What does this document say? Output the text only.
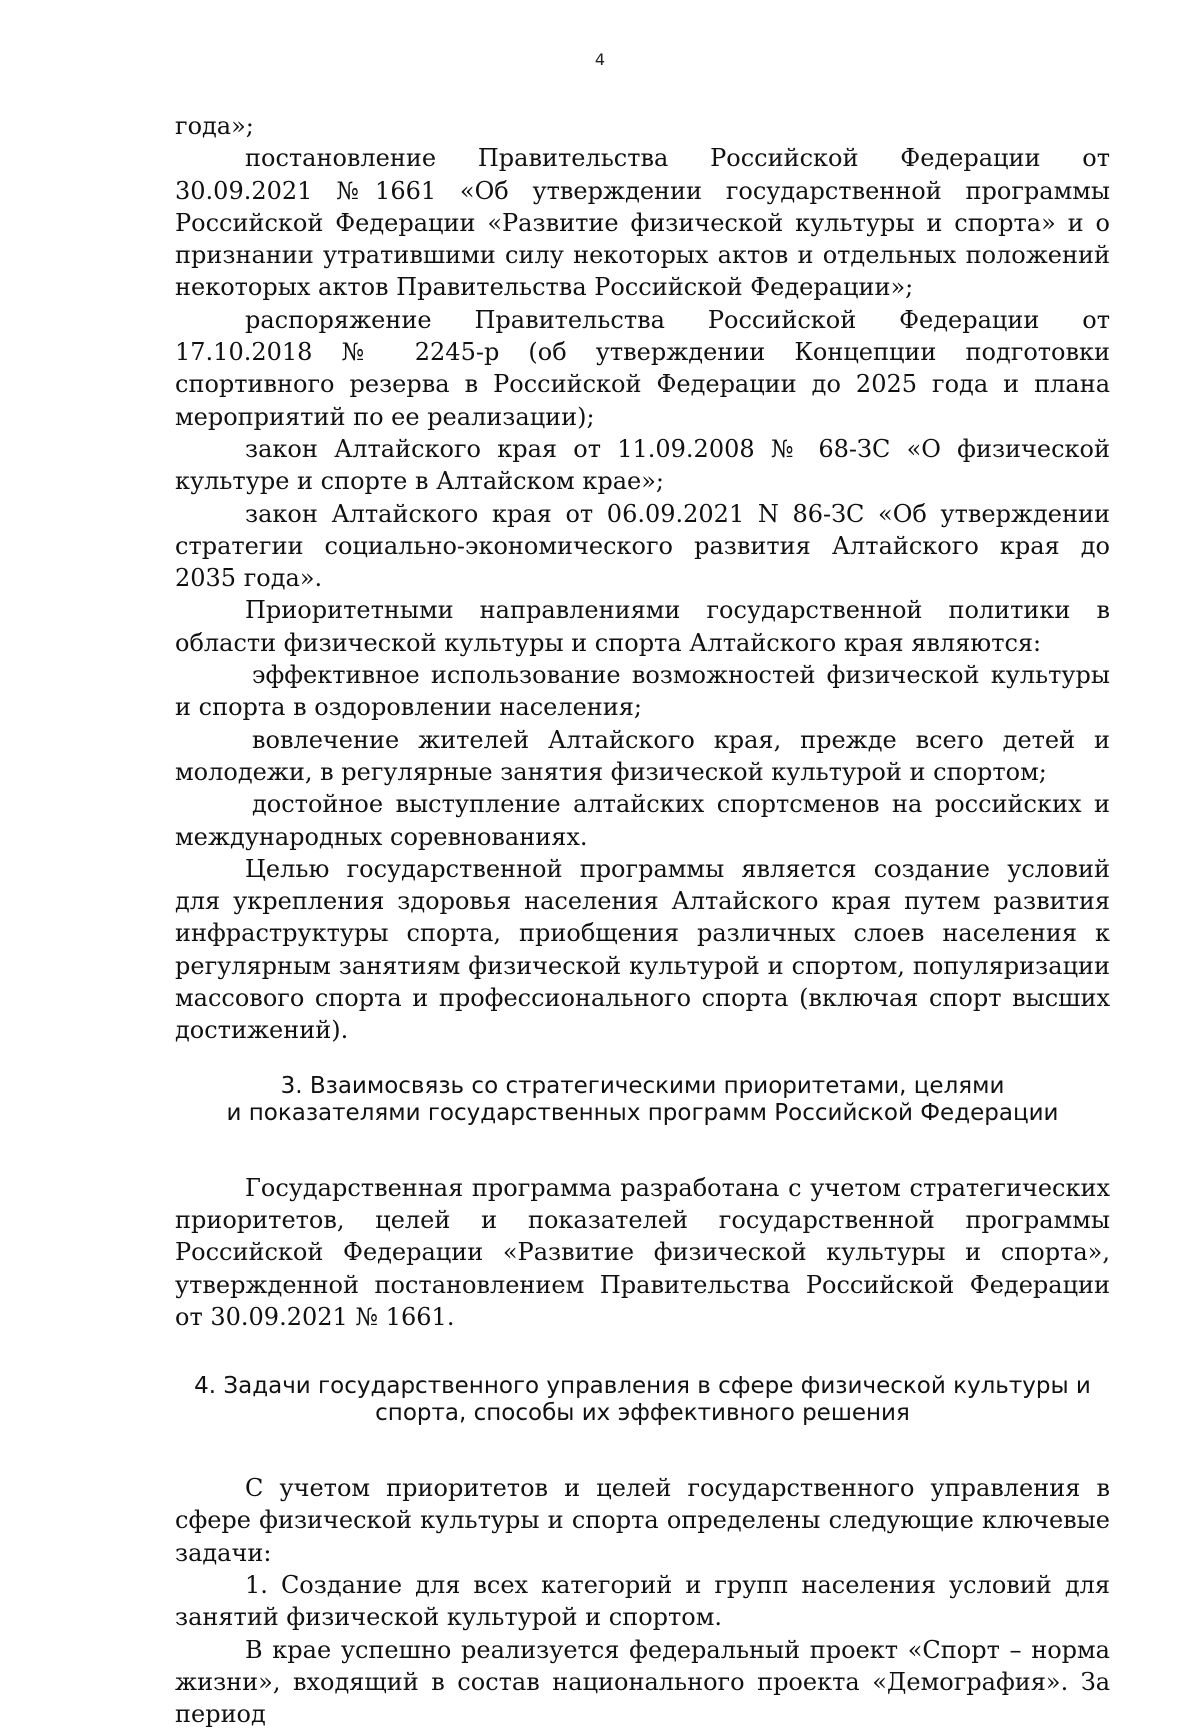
4

года»;

постановление Правительства Российской Федерации от 30.09.2021 №1661 «Об утверждении государственной программы Российской Федерации «Развитие физической культуры и спорта» и о признании утратившими силу некоторых актов и отдельных положений некоторых актов Правительства Российской Федерации»;

распоряжение Правительства Российской Федерации от 17.10.2018 № 2245-р (об утверждении Концепции подготовки спортивного резерва в Российской Федерации до 2025 года и плана мероприятий по ее реализации);

закон Алтайского края от 11.09.2008 № 68-ЗС «О физической культуре и спорте в Алтайском крае»;

закон Алтайского края от 06.09.2021 N 86-ЗС «Об утверждении стратегии социально-экономического развития Алтайского края до 2035 года».

Приоритетными направлениями государственной политики в области физической культуры и спорта Алтайского края являются:

эффективное использование возможностей физической культуры и спорта в оздоровлении населения;

вовлечение жителей Алтайского края, прежде всего детей и молодежи, в регулярные занятия физической культурой и спортом;

достойное выступление алтайских спортсменов на российских и международных соревнованиях.

Целью государственной программы является создание условий для укрепления здоровья населения Алтайского края путем развития инфраструктуры спорта, приобщения различных слоев населения к регулярным занятиям физической культурой и спортом, популяризации массового спорта и профессионального спорта (включая спорт высших достижений).

3. Взаимосвязь со стратегическими приоритетами, целями
и показателями государственных программ Российской Федерации

Государственная программа разработана с учетом стратегических приоритетов, целей и показателей государственной программы Российской Федерации «Развитие физической культуры и спорта», утвержденной постановлением Правительства Российской Федерации от 30.09.2021 № 1661.

4. Задачи государственного управления в сфере физической культуры и
спорта, способы их эффективного решения

С учетом приоритетов и целей государственного управления в сфере физической культуры и спорта определены следующие ключевые задачи:

1. Создание для всех категорий и групп населения условий для занятий физической культурой и спортом.

В крае успешно реализуется федеральный проект «Спорт – норма жизни», входящий в состав национального проекта «Демография». За период
